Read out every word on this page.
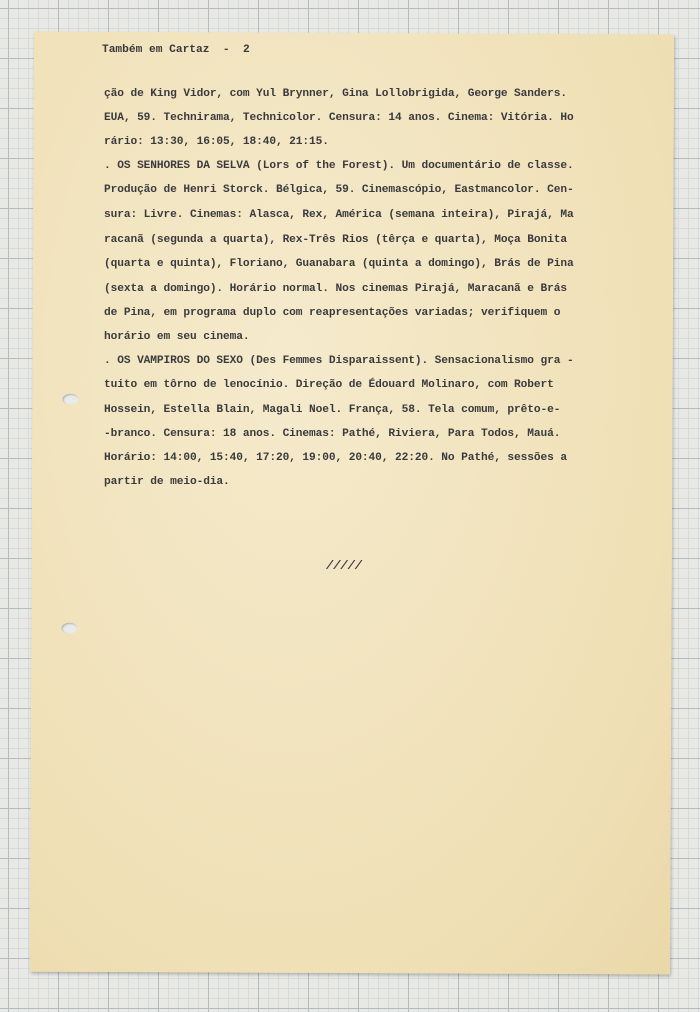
Também em Cartaz  -  2
ção de King Vidor, com Yul Brynner, Gina Lollobrigida, George Sanders.
EUA, 59. Technirama, Technicolor. Censura: 14 anos. Cinema: Vitória. Ho
rário: 13:30, 16:05, 18:40, 21:15.
. OS SENHORES DA SELVA (Lors of the Forest). Um documentário de classe.
Produção de Henri Storck. Bélgica, 59. Cinemascópio, Eastmancolor. Cen-
sura: Livre. Cinemas: Alasca, Rex, América (semana inteira), Pirajá, Ma
racanã (segunda a quarta), Rex-Três Rios (têrça e quarta), Moça Bonita
(quarta e quinta), Floriano, Guanabara (quinta a domingo), Brás de Pina
(sexta a domingo). Horário normal. Nos cinemas Pirajá, Maracanã e Brás
de Pina, em programa duplo com reapresentações variadas; verifiquem o
horário em seu cinema.
. OS VAMPIROS DO SEXO (Des Femmes Disparaissent). Sensacionalismo gra -
tuito em tôrno de lenocínio. Direção de Édouard Molinaro, com Robert
Hossein, Estella Blain, Magali Noel. França, 58. Tela comum, prêto-e-
-branco. Censura: 18 anos. Cinemas: Pathé, Riviera, Para Todos, Mauá.
Horário: 14:00, 15:40, 17:20, 19:00, 20:40, 22:20. No Pathé, sessões a
partir de meio-dia.
/////
